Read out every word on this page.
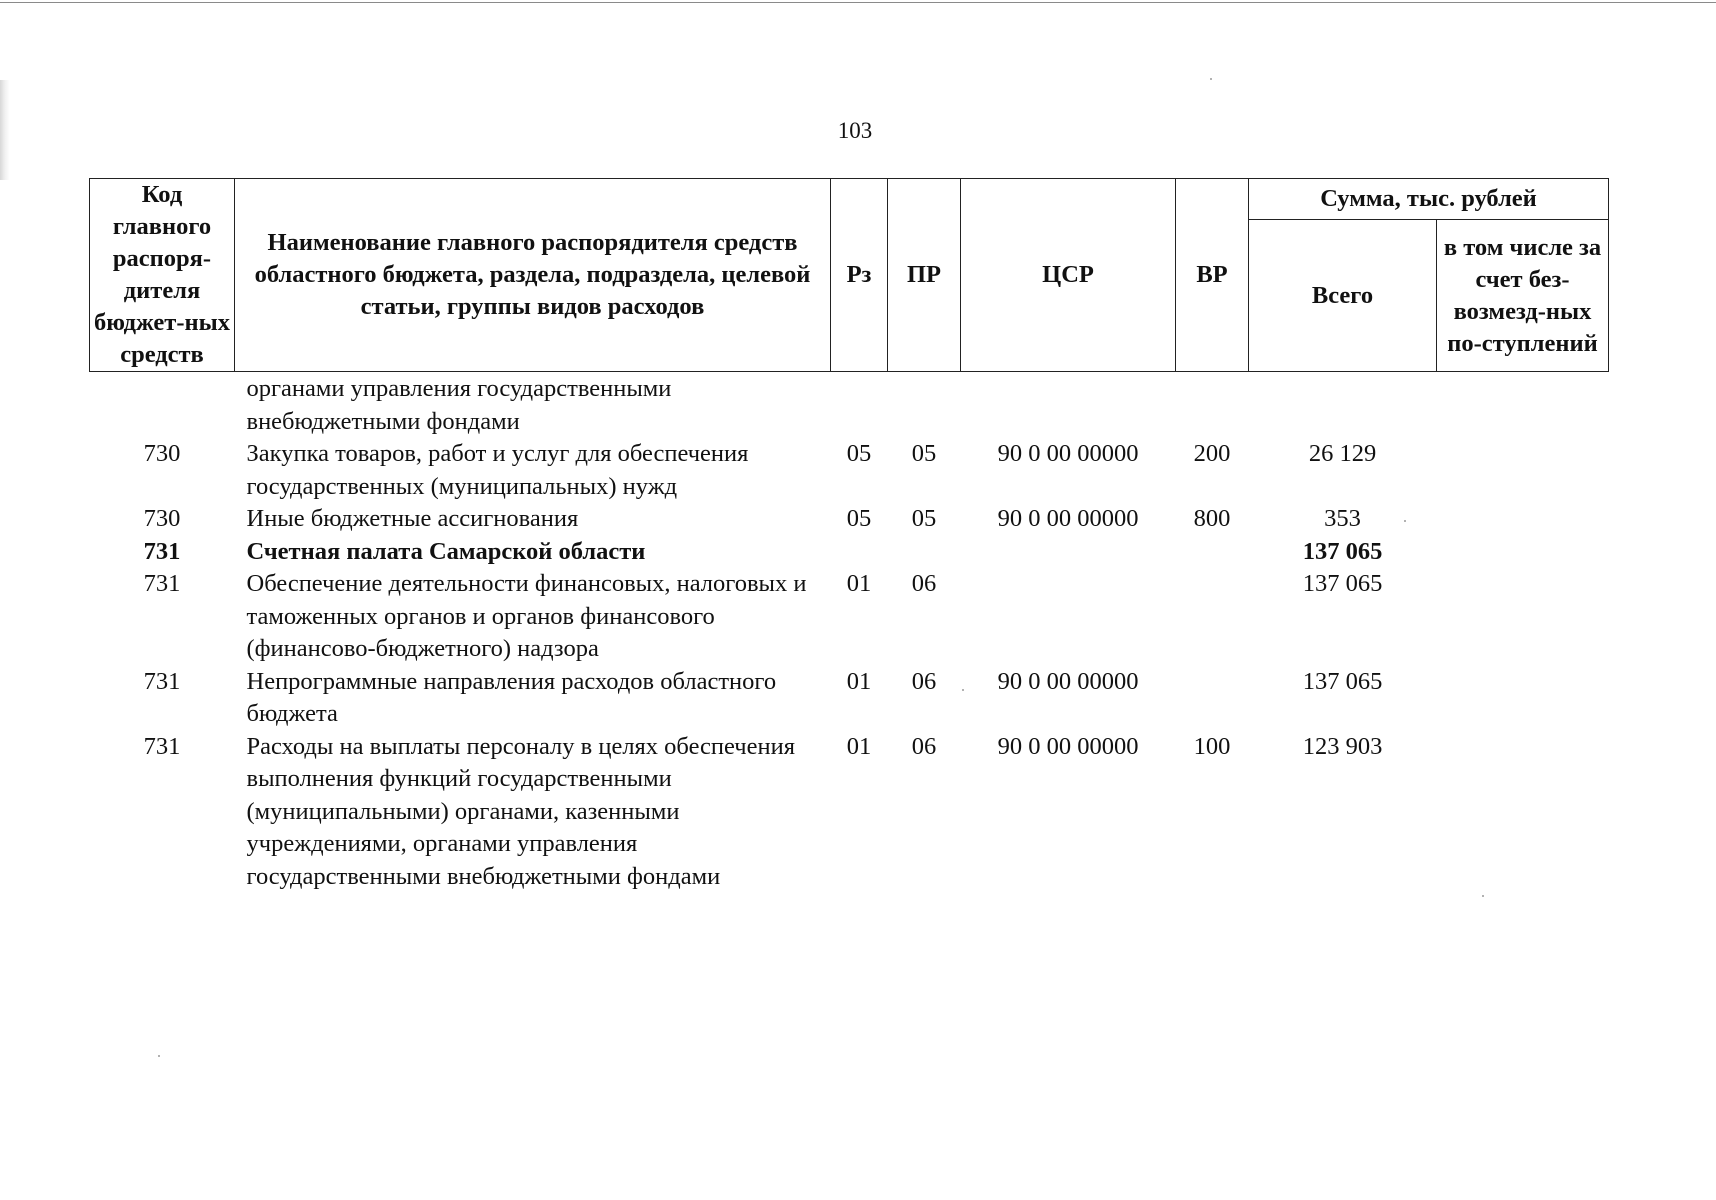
103
Код главного распоря-дителя бюджет-ных средств	Наименование главного распорядителя средств областного бюджета, раздела, подраздела, целевой статьи, группы видов расходов	Рз	ПР	ЦСР	ВР	Сумма, тыс. рублей	
						Всего	в том числе за счет без-возмезд-ных по-ступлений
	органами управления государственными внебюджетными фондами						
730	Закупка товаров, работ и услуг для обеспечения государственных (муниципальных) нужд	05	05	90 0 00 00000	200	26 129	
730	Иные бюджетные ассигнования	05	05	90 0 00 00000	800	353	
731	Счетная палата Самарской области					137 065	
731	Обеспечение деятельности финансовых, налоговых и таможенных органов и органов финансового (финансово-бюджетного) надзора	01	06			137 065	
731	Непрограммные направления расходов областного бюджета	01	06	90 0 00 00000		137 065	
731	Расходы на выплаты персоналу в целях обеспечения выполнения функций государственными (муниципальными) органами, казенными учреждениями, органами управления государственными внебюджетными фондами	01	06	90 0 00 00000	100	123 903	
